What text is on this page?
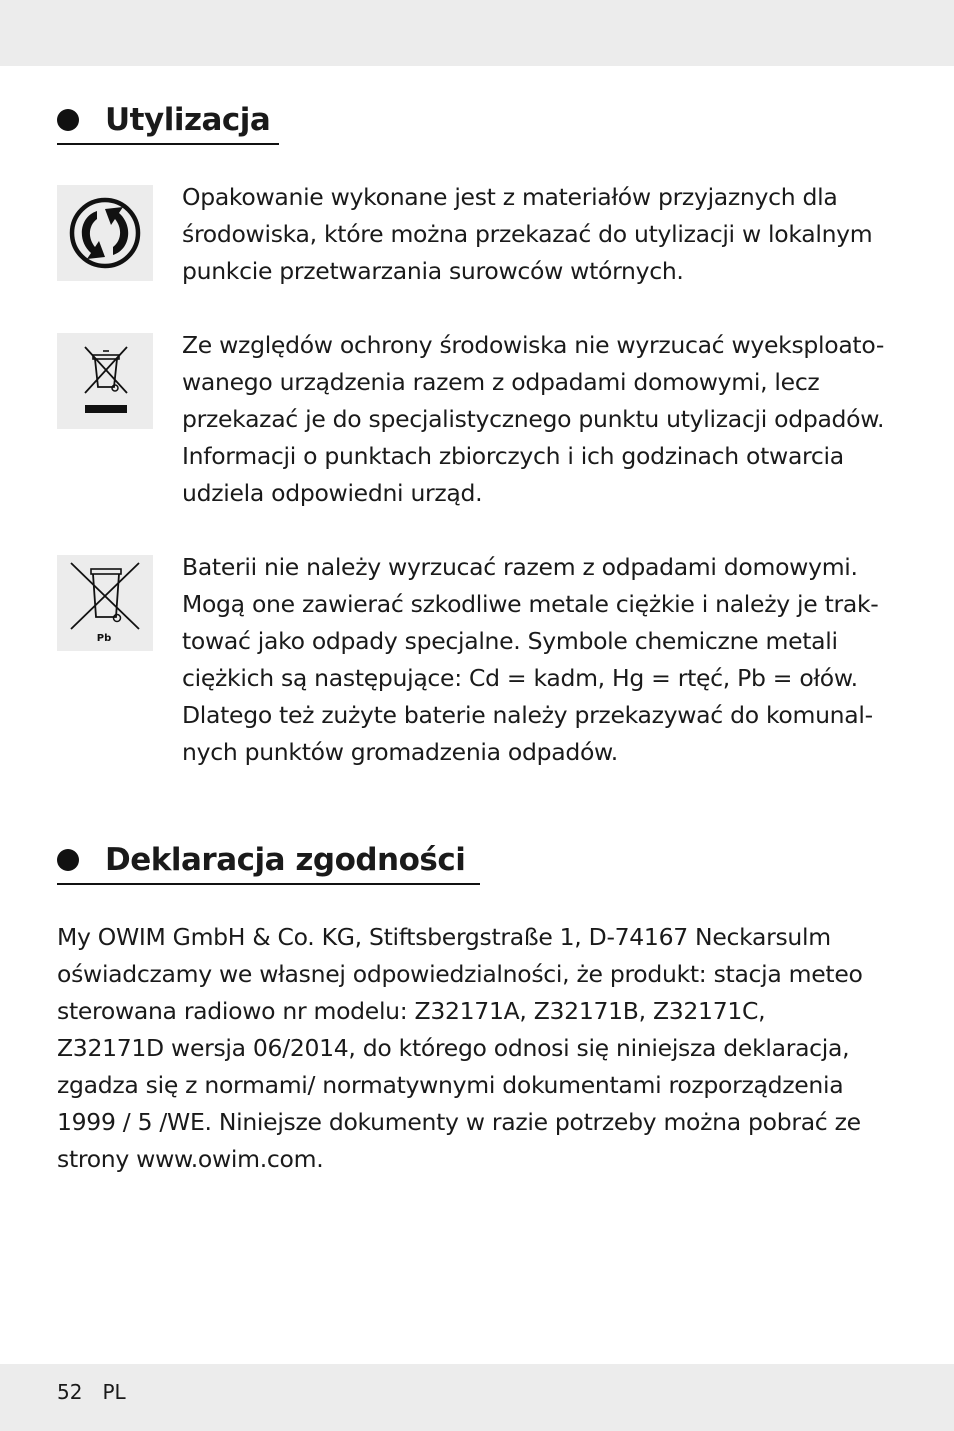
Utylizacja

Opakowanie wykonane jest z materiałów przyjaznych dla
środowiska, które można przekazać do utylizacji w lokalnym
punkcie przetwarzania surowców wtórnych.

Ze względów ochrony środowiska nie wyrzucać wyeksploato-
wanego urządzenia razem z odpadami domowymi, lecz
przekazać je do specjalistycznego punktu utylizacji odpadów.
Informacji o punktach zbiorczych i ich godzinach otwarcia
udziela odpowiedni urząd.

Pb

Baterii nie należy wyrzucać razem z odpadami domowymi.
Mogą one zawierać szkodliwe metale ciężkie i należy je trak-
tować jako odpady specjalne. Symbole chemiczne metali
ciężkich są następujące: Cd = kadm, Hg = rtęć, Pb = ołów.
Dlatego też zużyte baterie należy przekazywać do komunal-
nych punktów gromadzenia odpadów.

Deklaracja zgodności

My OWIM GmbH & Co. KG, Stiftsbergstraße 1, D-74167 Neckarsulm
oświadczamy we własnej odpowiedzialności, że produkt: stacja meteo
sterowana radiowo nr modelu: Z32171A, Z32171B, Z32171C,
Z32171D wersja 06/2014, do którego odnosi się niniejsza deklaracja,
zgadza się z normami/ normatywnymi dokumentami rozporządzenia
1999 / 5 /WE. Niniejsze dokumenty w razie potrzeby można pobrać ze
strony www.owim.com.

52 PL
